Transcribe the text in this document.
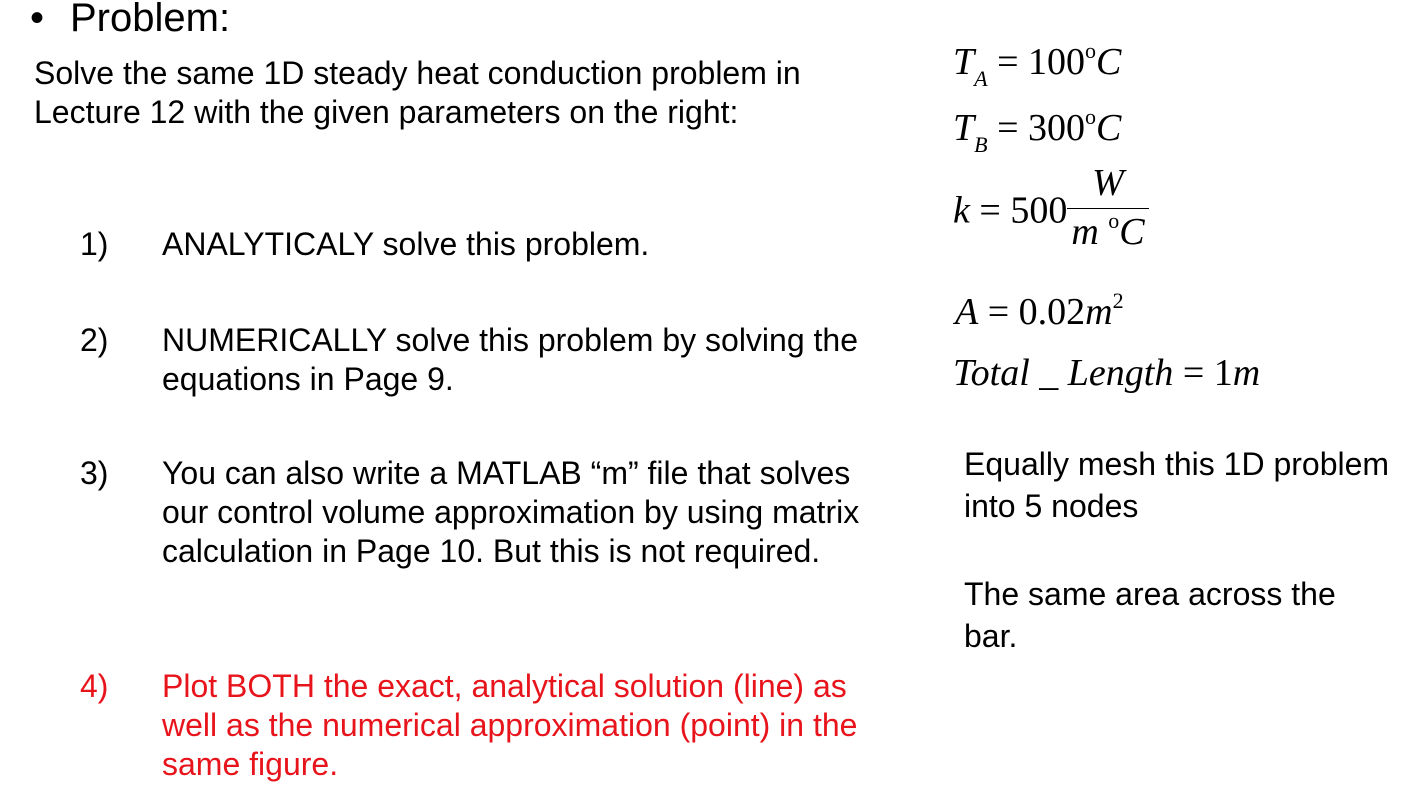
• Problem:
Solve the same 1D steady heat conduction problem in Lecture 12 with the given parameters on the right:
1) ANALYTICALY solve this problem.
2) NUMERICALLY solve this problem by solving the equations in Page 9.
3) You can also write a MATLAB “m” file that solves our control volume approximation by using matrix calculation in Page 10. But this is not required.
4) Plot BOTH the exact, analytical solution (line) as well as the numerical approximation (point) in the same figure.
$T_A = 100^oC$
$T_B = 300^oC$
$k = 500 \frac{W}{m ^oC}$
$A = 0.02m^2$
Total _ Length = 1m
Equally mesh this 1D problem into 5 nodes
The same area across the bar.
